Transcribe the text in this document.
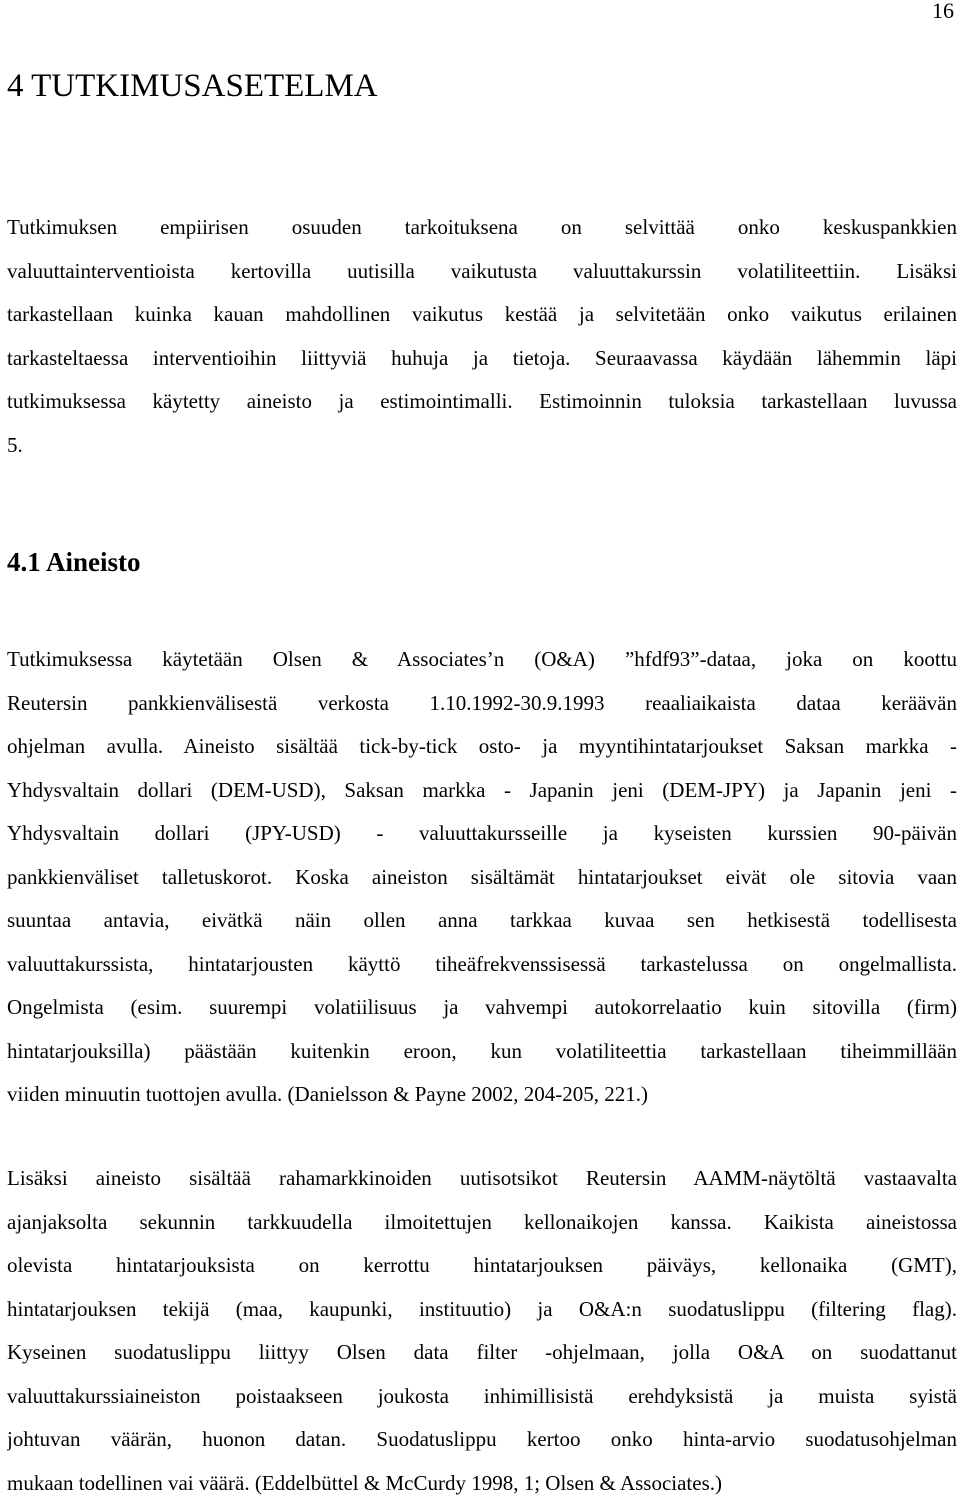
16
4 TUTKIMUSASETELMA
Tutkimuksen empiirisen osuuden tarkoituksena on selvittää onko keskuspankkien
valuuttainterventioista kertovilla uutisilla vaikutusta valuuttakurssin volatiliteettiin. Lisäksi
tarkastellaan kuinka kauan mahdollinen vaikutus kestää ja selvitetään onko vaikutus erilainen
tarkasteltaessa interventioihin liittyviä huhuja ja tietoja. Seuraavassa käydään lähemmin läpi
tutkimuksessa käytetty aineisto ja estimointimalli. Estimoinnin tuloksia tarkastellaan luvussa
5.
4.1 Aineisto
Tutkimuksessa käytetään Olsen & Associates’n (O&A) ”hfdf93”-dataa, joka on koottu
Reutersin pankkienvälisestä verkosta 1.10.1992-30.9.1993 reaaliaikaista dataa keräävän
ohjelman avulla. Aineisto sisältää tick-by-tick osto- ja myyntihintatarjoukset Saksan markka -
Yhdysvaltain dollari (DEM-USD), Saksan markka - Japanin jeni (DEM-JPY) ja Japanin jeni -
Yhdysvaltain dollari (JPY-USD) - valuuttakursseille ja kyseisten kurssien 90-päivän
pankkienväliset talletuskorot. Koska aineiston sisältämät hintatarjoukset eivät ole sitovia vaan
suuntaa antavia, eivätkä näin ollen anna tarkkaa kuvaa sen hetkisestä todellisesta
valuuttakurssista, hintatarjousten käyttö tiheäfrekvenssisessä tarkastelussa on ongelmallista.
Ongelmista (esim. suurempi volatiilisuus ja vahvempi autokorrelaatio kuin sitovilla (firm)
hintatarjouksilla) päästään kuitenkin eroon, kun volatiliteettia tarkastellaan tiheimmillään
viiden minuutin tuottojen avulla. (Danielsson & Payne 2002, 204-205, 221.)
Lisäksi aineisto sisältää rahamarkkinoiden uutisotsikot Reutersin AAMM-näytöltä vastaavalta
ajanjaksolta sekunnin tarkkuudella ilmoitettujen kellonaikojen kanssa. Kaikista aineistossa
olevista hintatarjouksista on kerrottu hintatarjouksen päiväys, kellonaika (GMT),
hintatarjouksen tekijä (maa, kaupunki, instituutio) ja O&A:n suodatuslippu (filtering flag).
Kyseinen suodatuslippu liittyy Olsen data filter -ohjelmaan, jolla O&A on suodattanut
valuuttakurssiaineiston poistaakseen joukosta inhimillisistä erehdyksistä ja muista syistä
johtuvan väärän, huonon datan. Suodatuslippu kertoo onko hinta-arvio suodatusohjelman
mukaan todellinen vai väärä. (Eddelbüttel & McCurdy 1998, 1; Olsen & Associates.)
